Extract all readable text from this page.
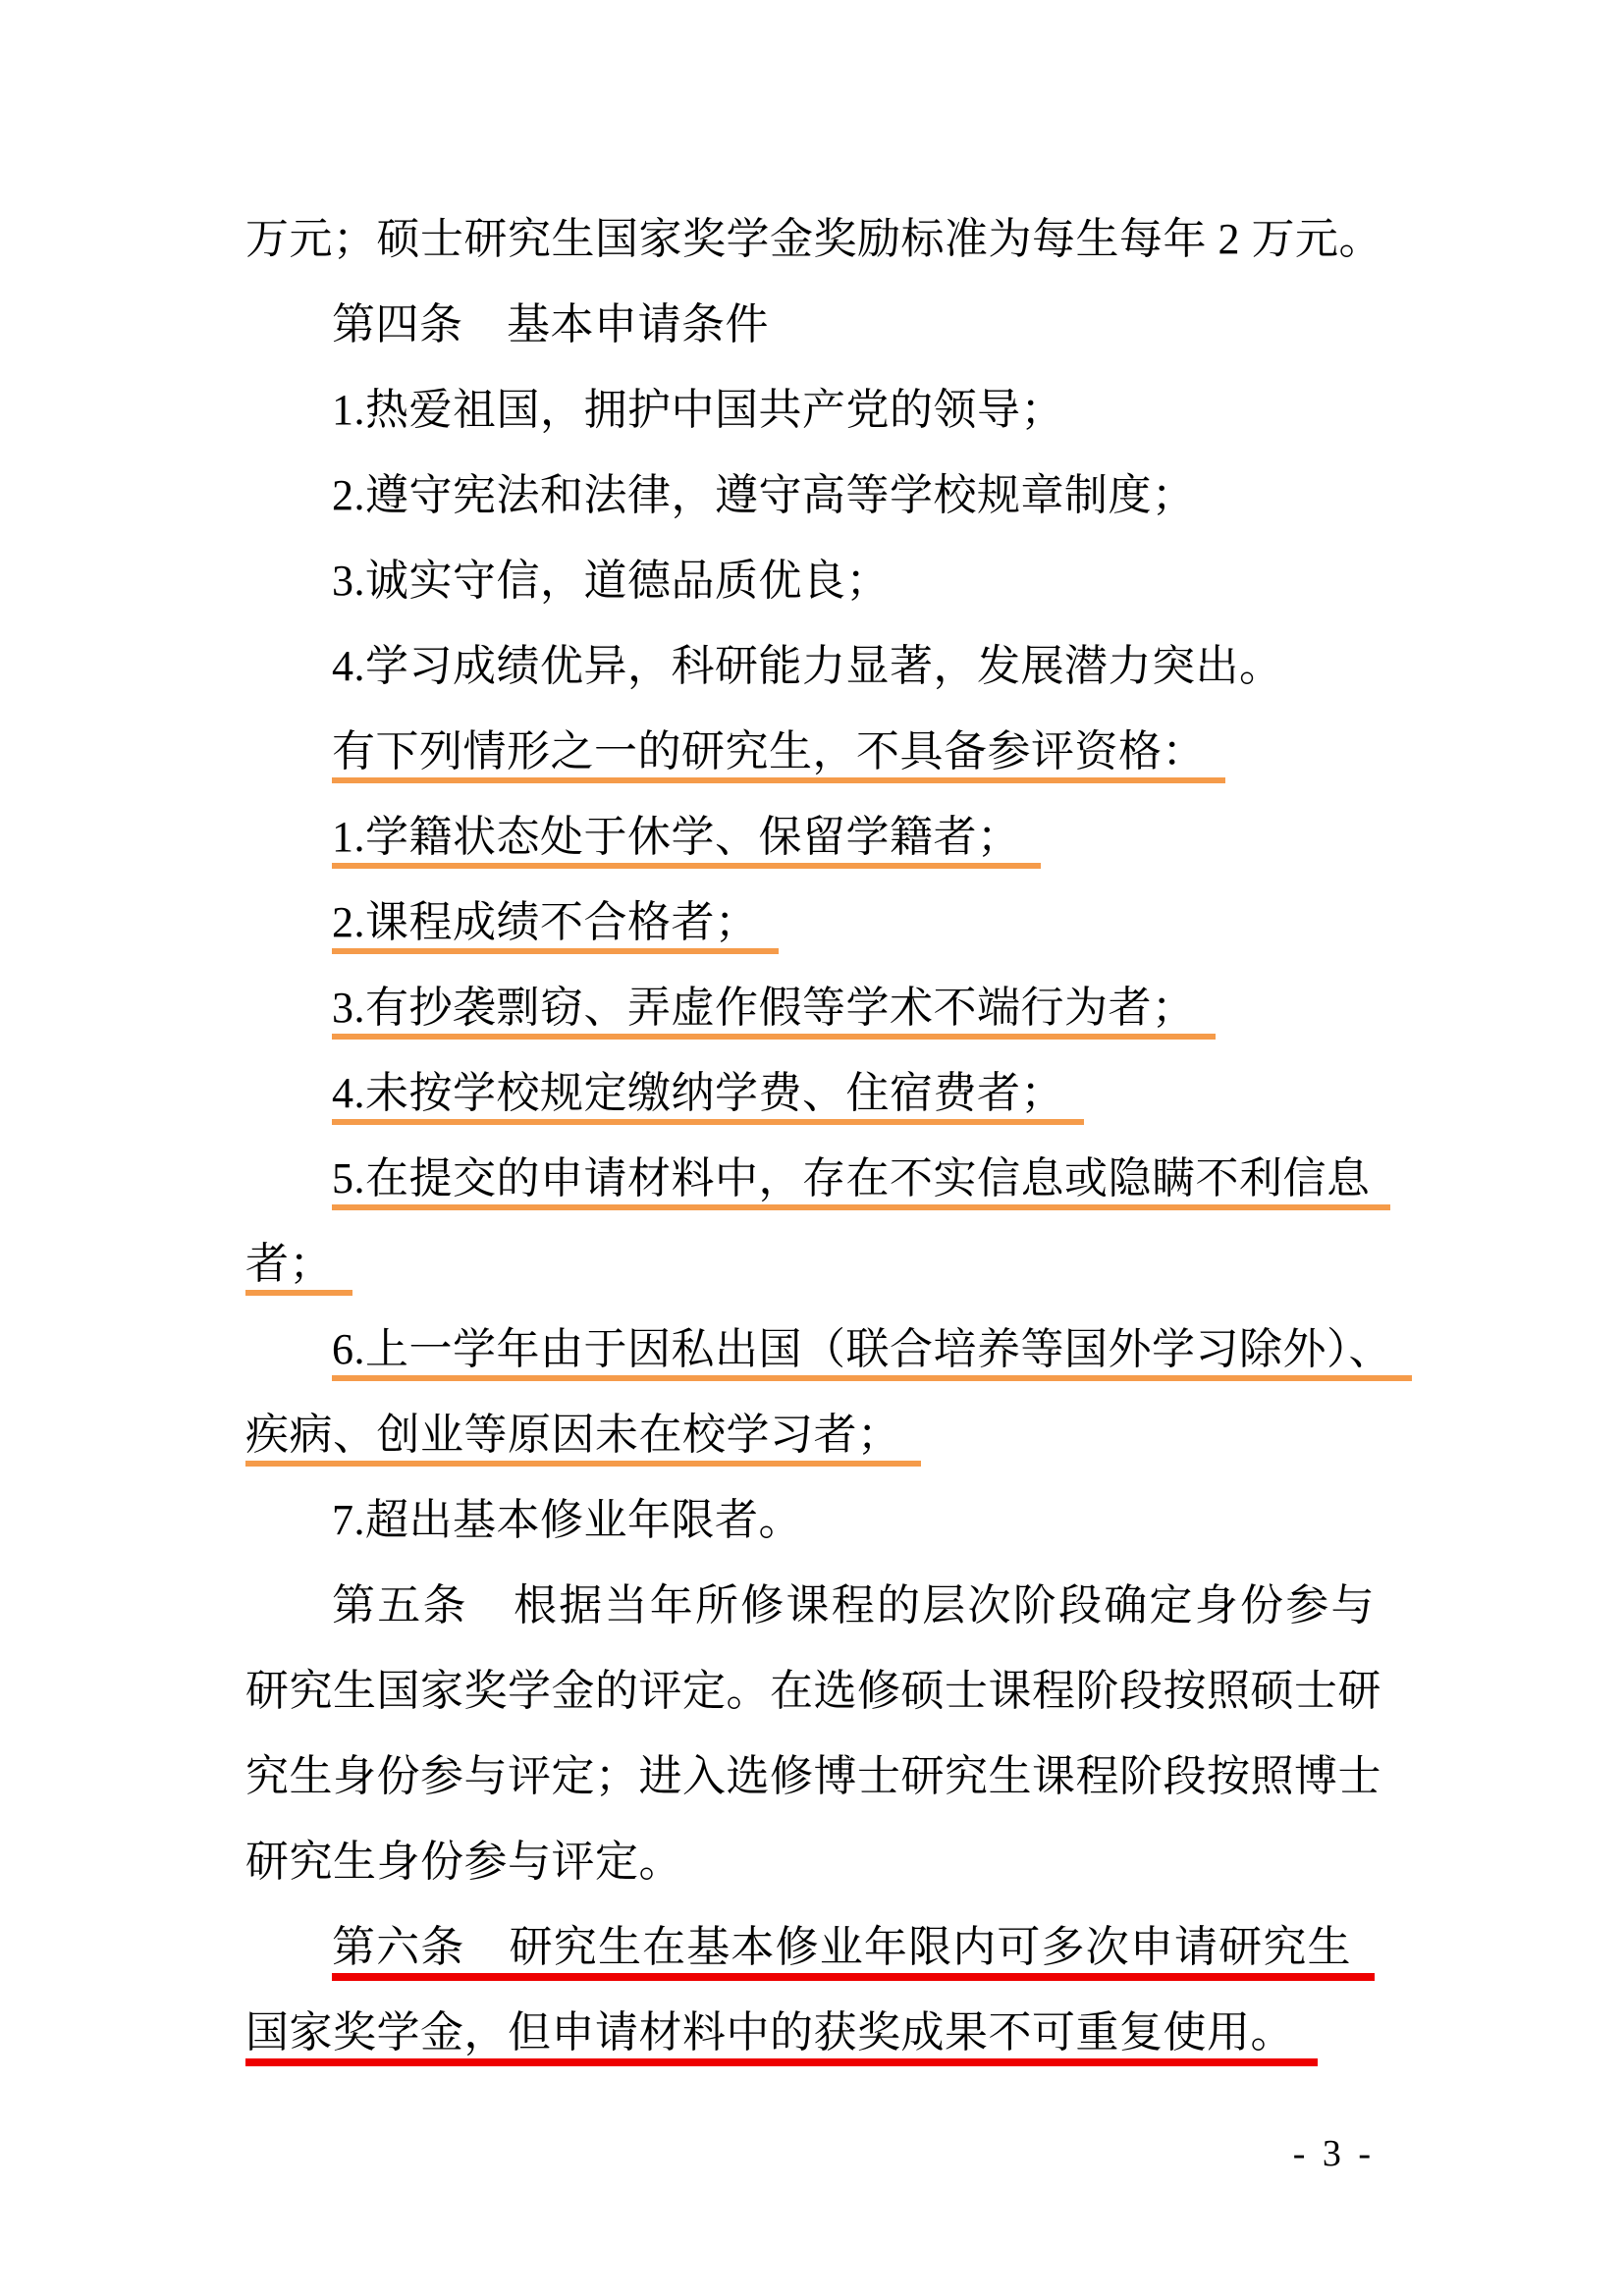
万元；硕士研究生国家奖学金奖励标准为每生每年 2 万元。
第四条　基本申请条件
1.热爱祖国，拥护中国共产党的领导；
2.遵守宪法和法律，遵守高等学校规章制度；
3.诚实守信，道德品质优良；
4.学习成绩优异，科研能力显著，发展潜力突出。
有下列情形之一的研究生，不具备参评资格：
1.学籍状态处于休学、保留学籍者；
2.课程成绩不合格者；
3.有抄袭剽窃、弄虚作假等学术不端行为者；
4.未按学校规定缴纳学费、住宿费者；
5.在提交的申请材料中，存在不实信息或隐瞒不利信息
者；
6.上一学年由于因私出国（联合培养等国外学习除外）、
疾病、创业等原因未在校学习者；
7.超出基本修业年限者。
第五条　根据当年所修课程的层次阶段确定身份参与
研究生国家奖学金的评定。在选修硕士课程阶段按照硕士研
究生身份参与评定；进入选修博士研究生课程阶段按照博士
研究生身份参与评定。
第六条　研究生在基本修业年限内可多次申请研究生
国家奖学金，但申请材料中的获奖成果不可重复使用。
- 3 -
